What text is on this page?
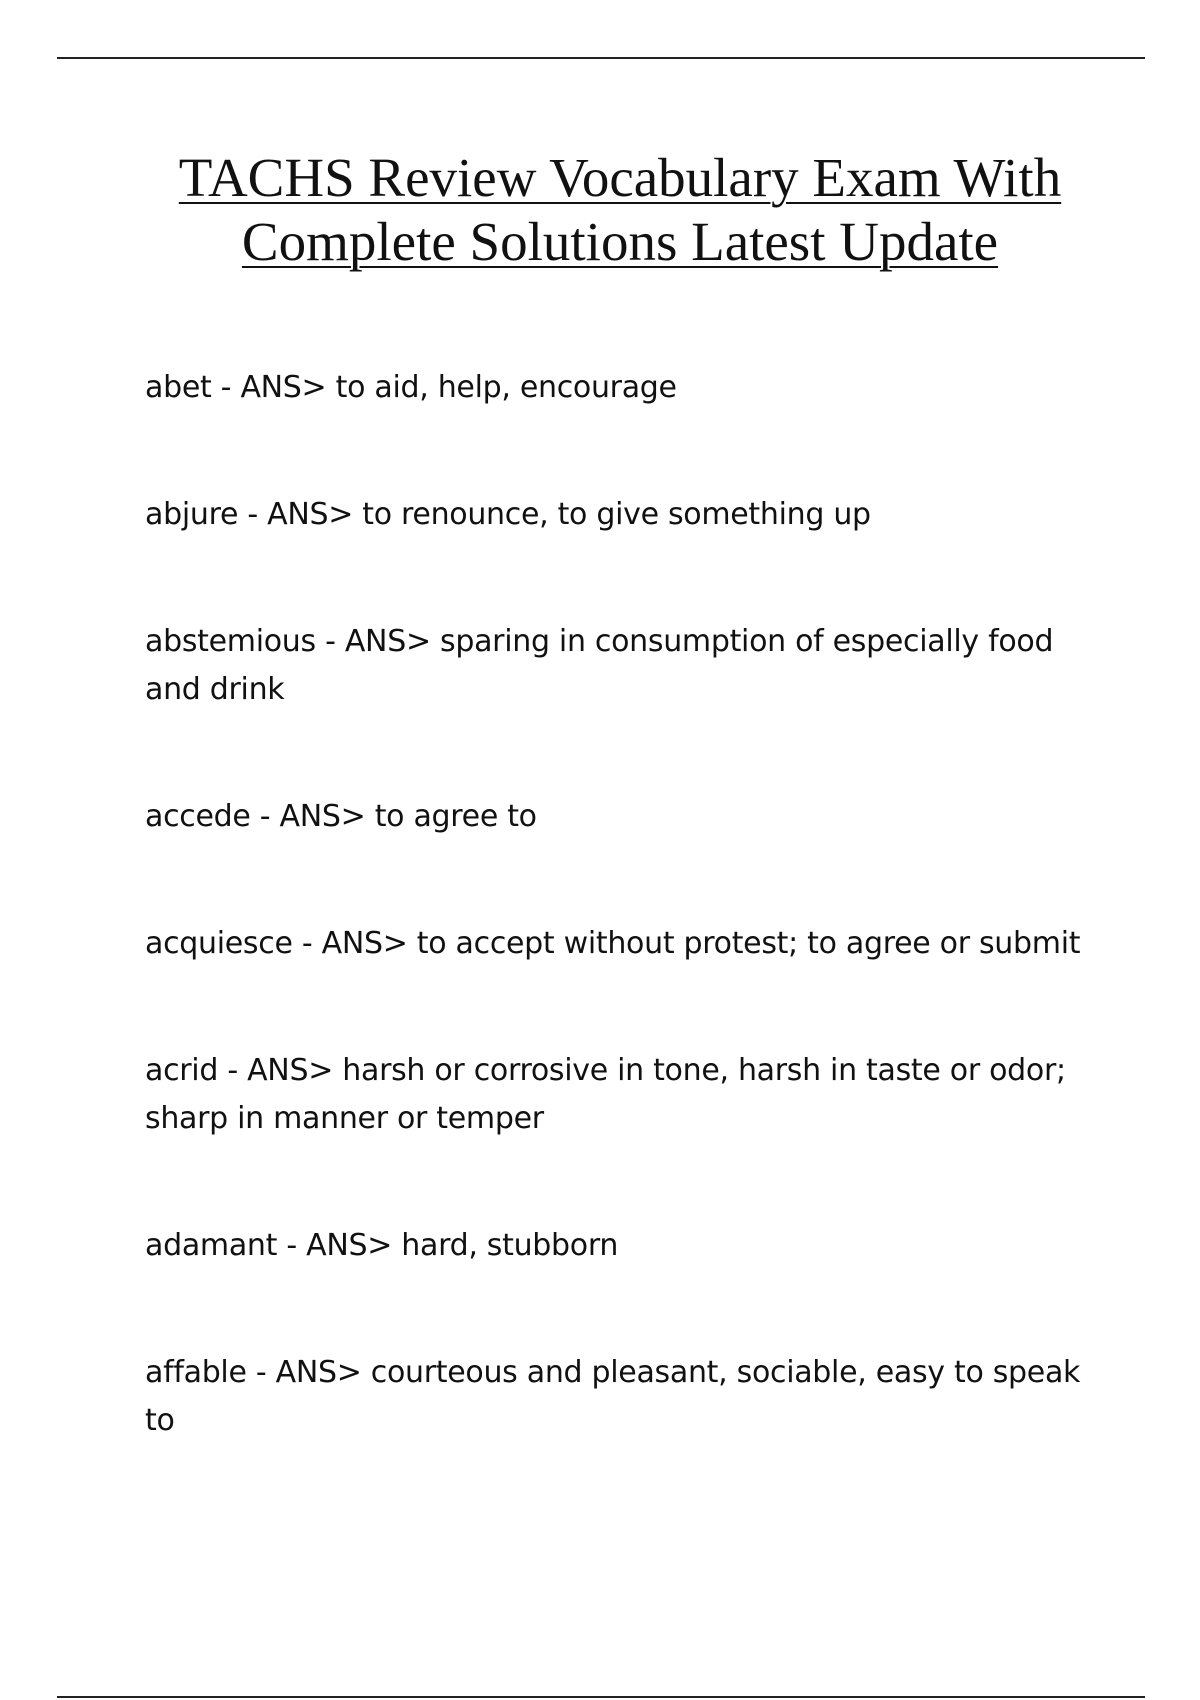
TACHS Review Vocabulary Exam With
Complete Solutions Latest Update

abet - ANS> to aid, help, encourage

abjure - ANS> to renounce, to give something up

abstemious - ANS> sparing in consumption of especially food and drink

accede - ANS> to agree to

acquiesce - ANS> to accept without protest; to agree or submit

acrid - ANS> harsh or corrosive in tone, harsh in taste or odor; sharp in manner or temper

adamant - ANS> hard, stubborn

affable - ANS> courteous and pleasant, sociable, easy to speak to
